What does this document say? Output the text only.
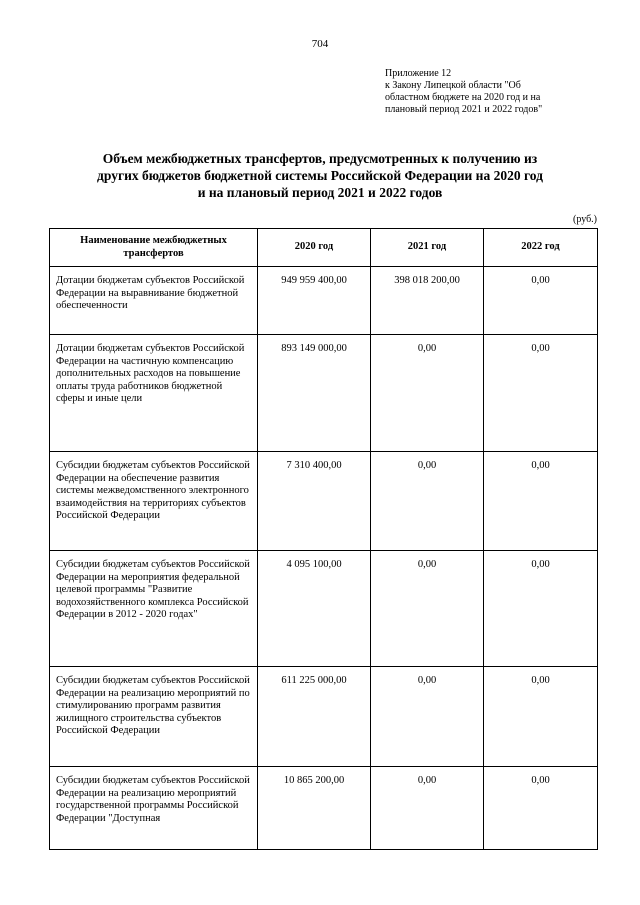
704
Приложение 12
к Закону Липецкой области "Об
областном бюджете на 2020 год и на
плановый период 2021 и 2022 годов"
Объем межбюджетных трансфертов, предусмотренных к получению из
других бюджетов бюджетной системы Российской Федерации на 2020 год
и на плановый период 2021 и 2022 годов
(руб.)
Наименование межбюджетных трансфертов	2020 год	2021 год	2022 год
Дотации бюджетам субъектов Российской Федерации на выравнивание бюджетной обеспеченности	949 959 400,00	398 018 200,00	0,00
Дотации бюджетам субъектов Российской Федерации на частичную компенсацию дополнительных расходов на повышение оплаты труда работников бюджетной сферы и иные цели	893 149 000,00	0,00	0,00
Субсидии бюджетам субъектов Российской Федерации на обеспечение развития системы межведомственного электронного взаимодействия на территориях субъектов Российской Федерации	7 310 400,00	0,00	0,00
Субсидии бюджетам субъектов Российской Федерации на мероприятия федеральной целевой программы "Развитие водохозяйственного комплекса Российской Федерации в 2012 - 2020 годах"	4 095 100,00	0,00	0,00
Субсидии бюджетам субъектов Российской Федерации на реализацию мероприятий по стимулированию программ развития жилищного строительства субъектов Российской Федерации	611 225 000,00	0,00	0,00
Субсидии бюджетам субъектов Российской Федерации на реализацию мероприятий государственной программы Российской Федерации "Доступная	10 865 200,00	0,00	0,00
